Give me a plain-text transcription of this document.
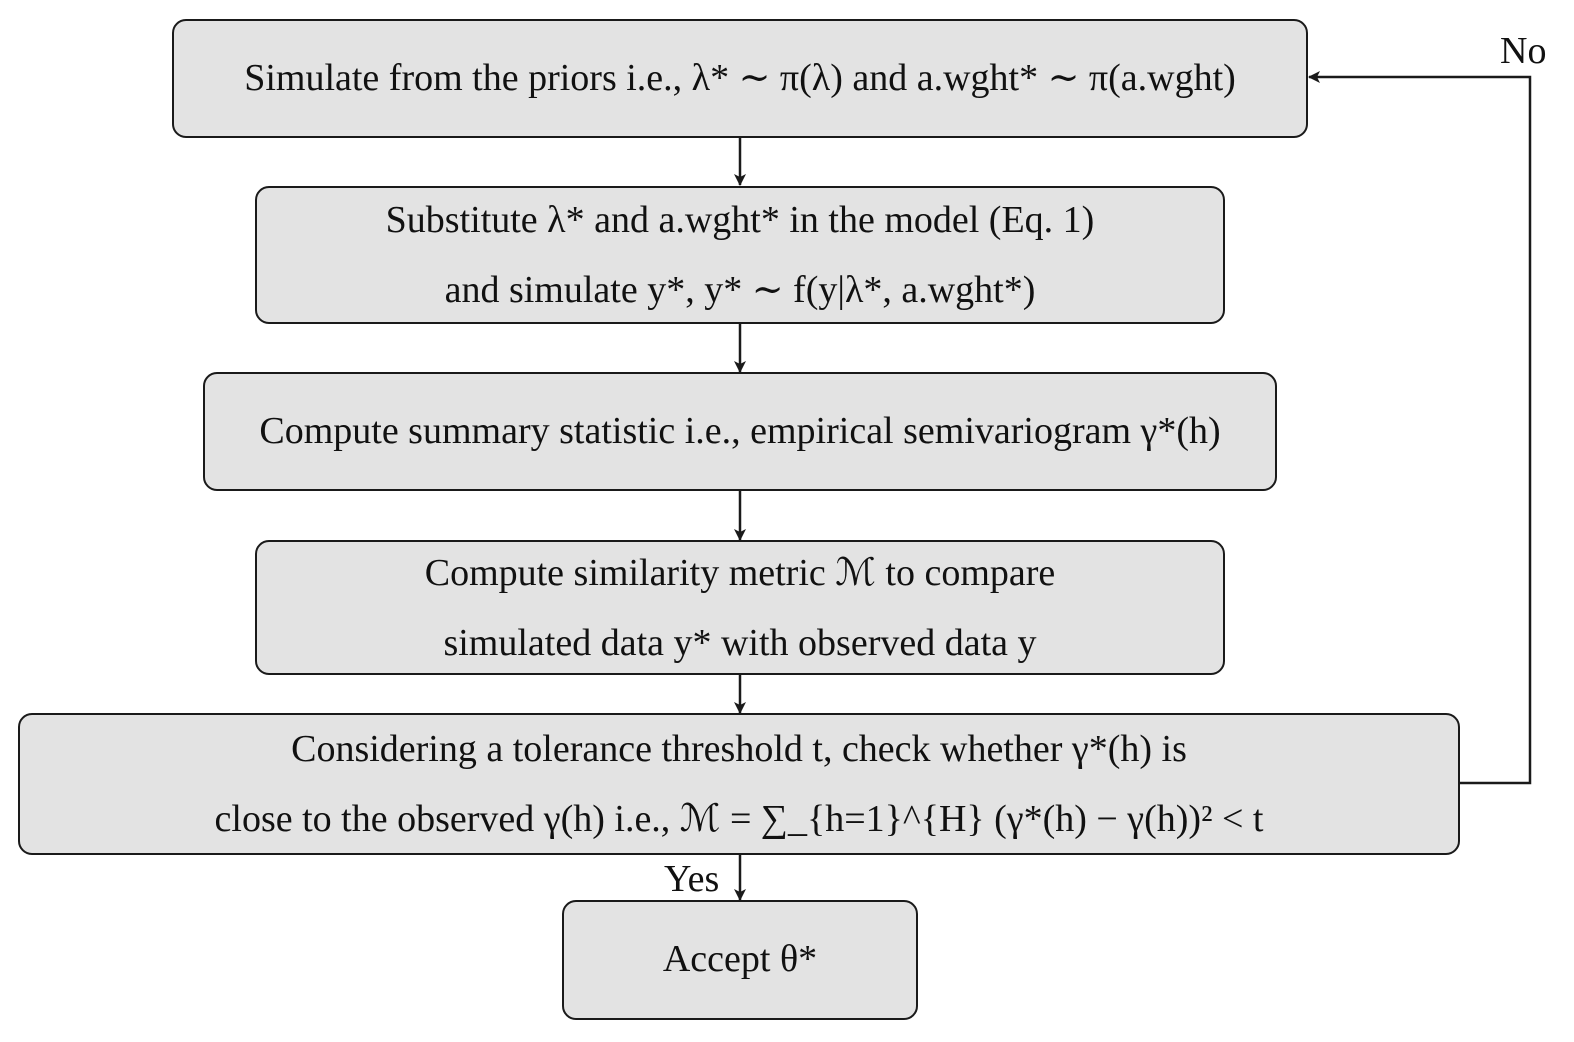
Simulate from the priors i.e., λ* ∼ π(λ) and a.wght* ∼ π(a.wght)
Substitute λ* and a.wght* in the model (Eq. 1)
and simulate y*, y* ∼ f(y|λ*, a.wght*)
Compute summary statistic i.e., empirical semivariogram γ*(h)
Compute similarity metric ℳ to compare
simulated data y* with observed data y
Considering a tolerance threshold t, check whether γ*(h) is
close to the observed γ(h) i.e., ℳ = ∑_{h=1}^{H} (γ*(h) − γ(h))² < t
Accept θ*
No
Yes
